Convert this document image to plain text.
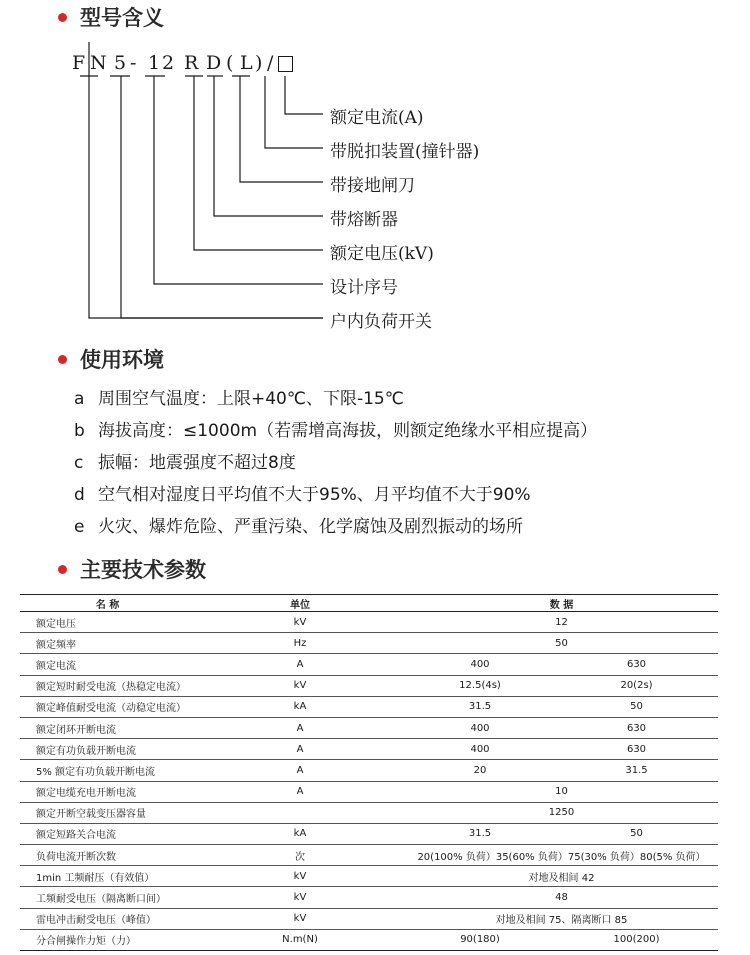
型号含义
F N 5 - 1 2 R D ( L ) /
额定电流(A)
带脱扣装置(撞针器)
带接地闸刀
带熔断器
额定电压(kV)
设计序号
户内负荷开关
使用环境
a 周围空气温度：上限+40℃、下限-15℃
b 海拔高度：≤1000m（若需增高海拔，则额定绝缘水平相应提高）
c 振幅：地震强度不超过8度
d 空气相对湿度日平均值不大于95%、月平均值不大于90%
e 火灾、爆炸危险、严重污染、化学腐蚀及剧烈振动的场所
主要技术参数
名 称	单位	数 据	
额定电压	kV	12	
额定频率	Hz	50	
额定电流	A	400	630
额定短时耐受电流（热稳定电流）	kV	12.5(4s)	20(2s)
额定峰值耐受电流（动稳定电流）	kA	31.5	50
额定闭环开断电流	A	400	630
额定有功负载开断电流	A	400	630
5% 额定有功负载开断电流	A	20	31.5
额定电缆充电开断电流	A	10	
额定开断空载变压器容量		1250	
额定短路关合电流	kA	31.5	50
负荷电流开断次数	次	20(100% 负荷）35(60% 负荷）75(30% 负荷）80(5% 负荷）	
1min 工频耐压（有效值）	kV	对地及相间 42	
工频耐受电压（隔离断口间）	kV	48	
雷电冲击耐受电压（峰值）	kV	对地及相间 75、隔离断口 85	
分合闸操作力矩（力）	N.m(N)	90(180)	100(200)
